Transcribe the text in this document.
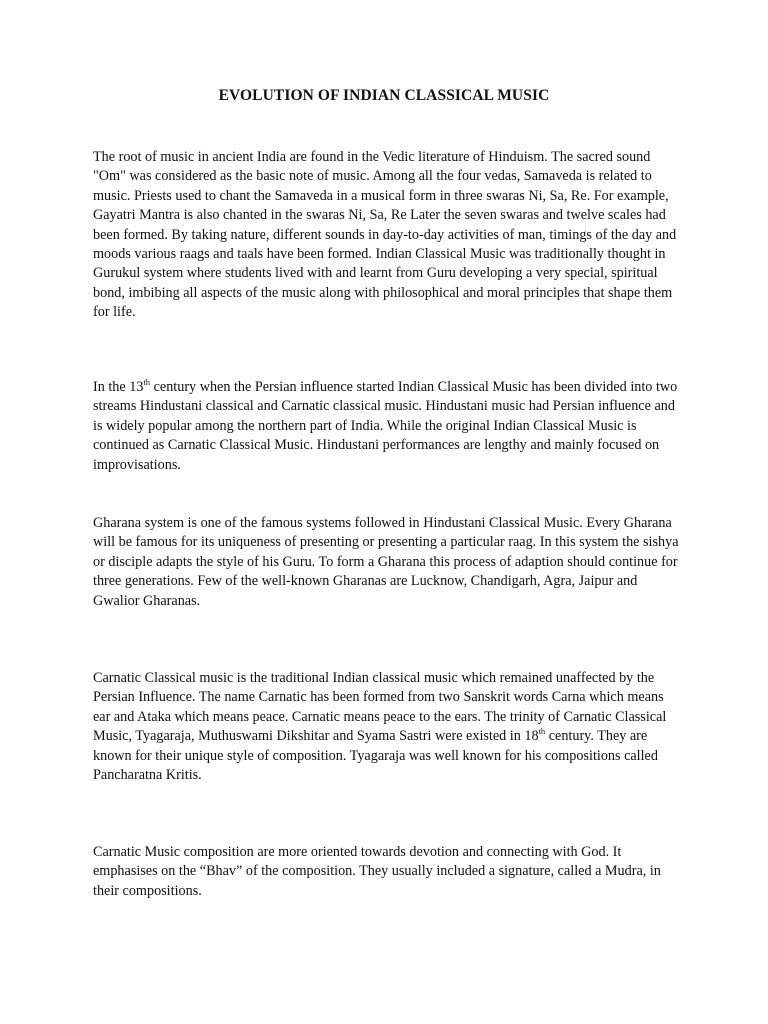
EVOLUTION OF INDIAN CLASSICAL MUSIC

The root of music in ancient India are found in the Vedic literature of Hinduism. The sacred sound "Om" was considered as the basic note of music. Among all the four vedas, Samaveda is related to music. Priests used to chant the Samaveda in a musical form in three swaras Ni, Sa, Re. For example, Gayatri Mantra is also chanted in the swaras Ni, Sa, Re Later the seven swaras and twelve scales had been formed. By taking nature, different sounds in day-to-day activities of man, timings of the day and moods various raags and taals have been formed. Indian Classical Music was traditionally thought in Gurukul system where students lived with and learnt from Guru developing a very special, spiritual bond, imbibing all aspects of the music along with philosophical and moral principles that shape them for life.

In the 13th century when the Persian influence started Indian Classical Music has been divided into two streams Hindustani classical and Carnatic classical music. Hindustani music had Persian influence and is widely popular among the northern part of India. While the original Indian Classical Music is continued as Carnatic Classical Music. Hindustani performances are lengthy and mainly focused on improvisations.

Gharana system is one of the famous systems followed in Hindustani Classical Music. Every Gharana will be famous for its uniqueness of presenting or presenting a particular raag. In this system the sishya or disciple adapts the style of his Guru. To form a Gharana this process of adaption should continue for three generations. Few of the well-known Gharanas are Lucknow, Chandigarh, Agra, Jaipur and Gwalior Gharanas.

Carnatic Classical music is the traditional Indian classical music which remained unaffected by the Persian Influence. The name Carnatic has been formed from two Sanskrit words Carna which means ear and Ataka which means peace. Carnatic means peace to the ears. The trinity of Carnatic Classical Music, Tyagaraja, Muthuswami Dikshitar and Syama Sastri were existed in 18th century. They are known for their unique style of composition. Tyagaraja was well known for his compositions called Pancharatna Kritis.

Carnatic Music composition are more oriented towards devotion and connecting with God. It emphasises on the “Bhav” of the composition. They usually included a signature, called a Mudra, in their compositions.
